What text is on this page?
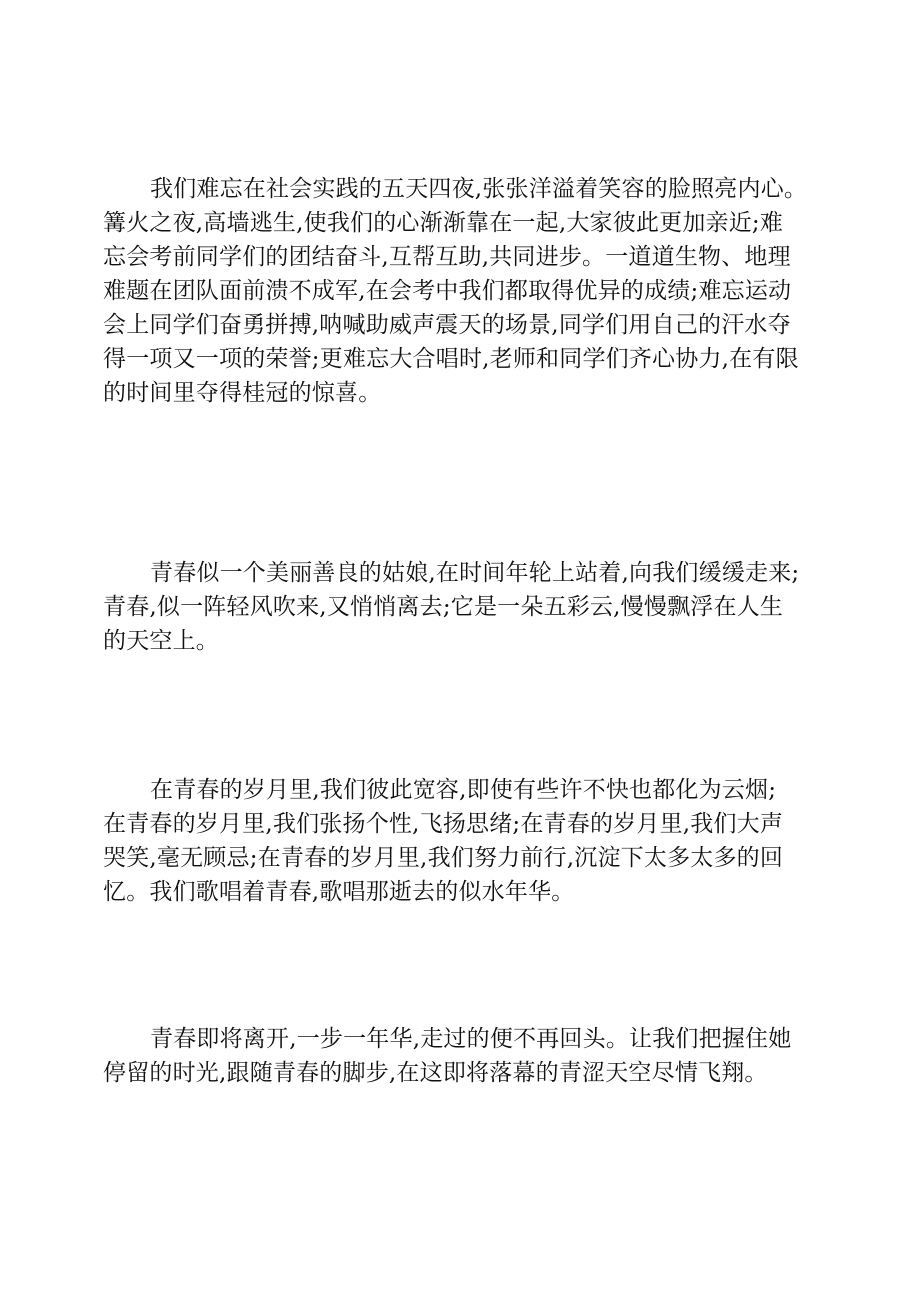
我们难忘在社会实践的五天四夜,张张洋溢着笑容的脸照亮内心。
篝火之夜,高墙逃生,使我们的心渐渐靠在一起,大家彼此更加亲近;难
忘会考前同学们的团结奋斗,互帮互助,共同进步。一道道生物、地理
难题在团队面前溃不成军,在会考中我们都取得优异的成绩;难忘运动
会上同学们奋勇拼搏,呐喊助威声震天的场景,同学们用自己的汗水夺
得一项又一项的荣誉;更难忘大合唱时,老师和同学们齐心协力,在有限
的时间里夺得桂冠的惊喜。

青春似一个美丽善良的姑娘,在时间年轮上站着,向我们缓缓走来;
青春,似一阵轻风吹来,又悄悄离去;它是一朵五彩云,慢慢飘浮在人生
的天空上。

在青春的岁月里,我们彼此宽容,即使有些许不快也都化为云烟;
在青春的岁月里,我们张扬个性,飞扬思绪;在青春的岁月里,我们大声
哭笑,毫无顾忌;在青春的岁月里,我们努力前行,沉淀下太多太多的回
忆。我们歌唱着青春,歌唱那逝去的似水年华。

青春即将离开,一步一年华,走过的便不再回头。让我们把握住她
停留的时光,跟随青春的脚步,在这即将落幕的青涩天空尽情飞翔。
